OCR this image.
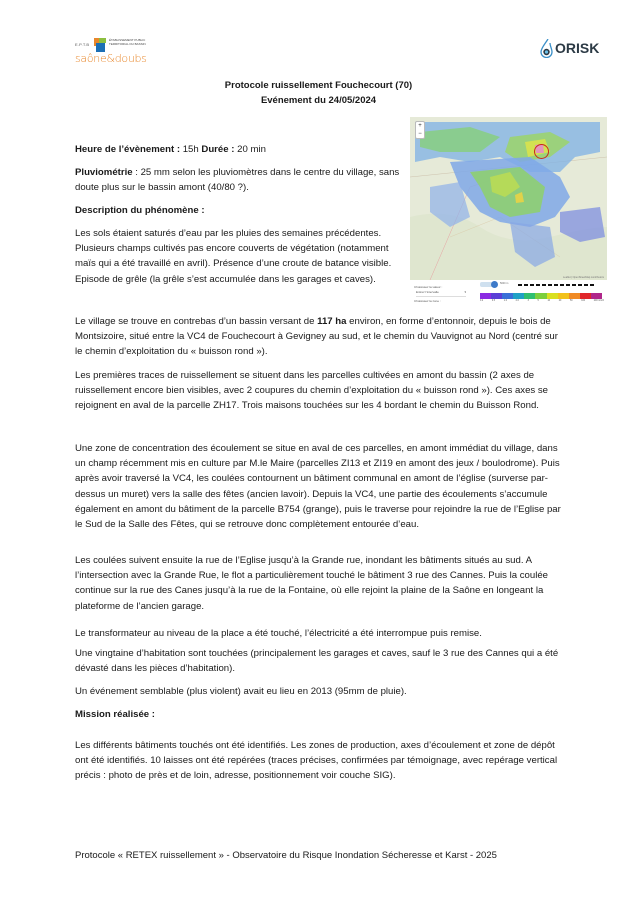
E.P.T.B
ÉTABLISSEMENT PUBLIC TERRITORIAL DU BASSIN
saône&doubs
ORISK
Protocole ruissellement Fouchecourt (70)
Evénement du 24/05/2024
Heure de l’évènement : 15h Durée : 20 min
Pluviométrie : 25 mm selon les pluviomètres dans le centre du village, sans doute plus sur le bassin amont (40/80 ?).
Description du phénomène :
Les sols étaient saturés d’eau par les pluies des semaines précédentes. Plusieurs champs cultivés pas encore couverts de végétation (notamment maïs qui a été travaillé en avril). Présence d’une croute de batance visible. Episode de grêle (la grêle s’est accumulée dans les garages et caves).
+
−
Leaflet | OpenStreetMap contributors
Choisissez la valeur :
Entrez l'intervalle	▾
Choisissez la zone :
5000 m
0.2	0.5	1.0	2.0	3	5	10	20	50	100	200 mm/h
Le village se trouve en contrebas d’un bassin versant de 117 ha environ, en forme d’entonnoir, depuis le bois de Montsizoire, situé entre la VC4 de Fouchecourt à Gevigney au sud, et le chemin du Vauvignot au Nord (centré sur le chemin d’exploitation du « buisson rond »).
Les premières traces de ruissellement se situent dans les parcelles cultivées en amont du bassin (2 axes de ruissellement encore bien visibles, avec 2 coupures du chemin d’exploitation du « buisson rond »). Ces axes se rejoignent en aval de la parcelle ZH17. Trois maisons touchées sur les 4 bordant le chemin du Buisson Rond.
Une zone de concentration des écoulement se situe en aval de ces parcelles, en amont immédiat du village, dans un champ récemment mis en culture par M.le Maire (parcelles ZI13 et ZI19 en amont des jeux / boulodrome). Puis après avoir traversé la VC4, les coulées contournent un bâtiment communal en amont de l’église (surverse par-dessus un muret) vers la salle des fêtes (ancien lavoir). Depuis la VC4, une partie des écoulements s’accumule également en amont du bâtiment de la parcelle B754 (grange), puis le traverse pour rejoindre la rue de l’Eglise par le Sud de la Salle des Fêtes, qui se retrouve donc complètement entourée d’eau.
Les coulées suivent ensuite la rue de l’Eglise jusqu’à la Grande rue, inondant les bâtiments situés au sud. A l’intersection avec la Grande Rue, le flot a particulièrement touché le bâtiment 3 rue des Cannes. Puis la coulée continue sur la rue des Canes jusqu’à la rue de la Fontaine, où elle rejoint la plaine de la Saône en longeant la plateforme de l’ancien garage.
Le transformateur au niveau de la place a été touché, l’électricité a été interrompue puis remise.
Une vingtaine d’habitation sont touchées (principalement les garages et caves, sauf le 3 rue des Cannes qui a été dévasté dans les pièces d’habitation).
Un événement semblable (plus violent) avait eu lieu en 2013 (95mm de pluie).
Mission réalisée :
Les différents bâtiments touchés ont été identifiés. Les zones de production, axes d’écoulement et zone de dépôt ont été identifiés. 10 laisses ont été repérées (traces précises, confirmées par témoignage, avec repérage vertical précis : photo de près et de loin, adresse, positionnement voir couche SIG).
Protocole « RETEX ruissellement » - Observatoire du Risque Inondation Sécheresse et Karst - 2025
